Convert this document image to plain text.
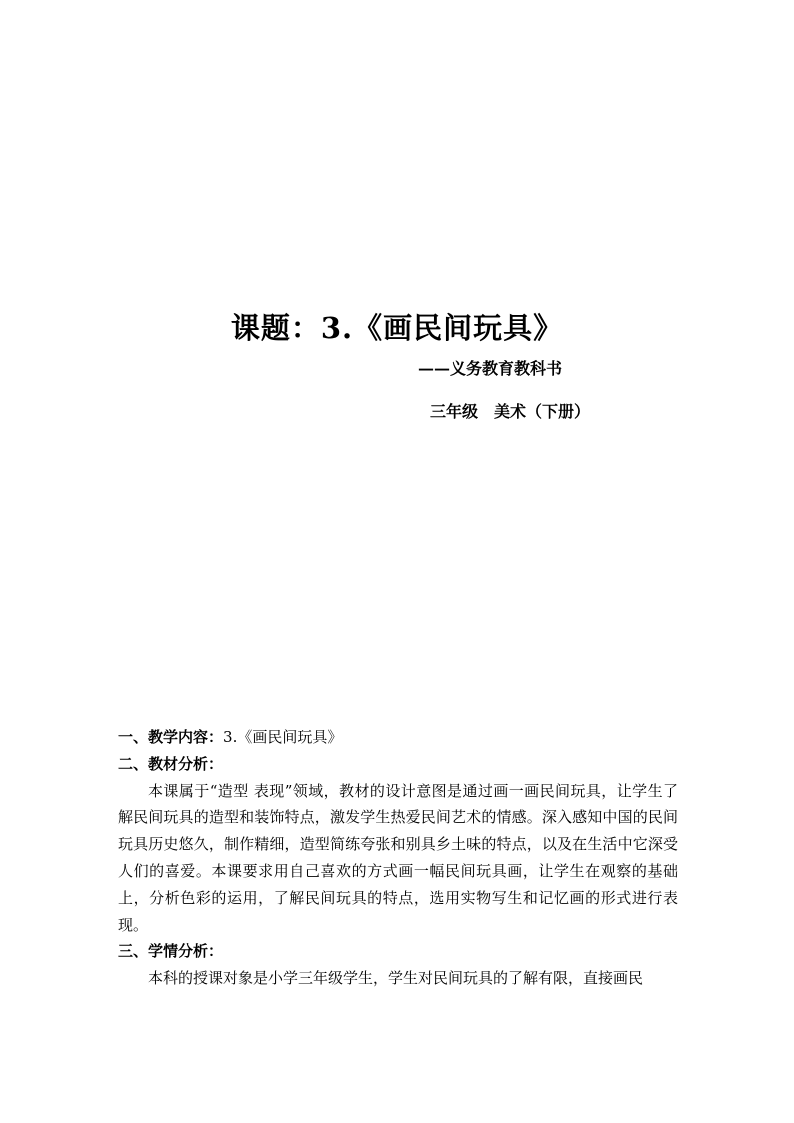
课题：3.《画民间玩具》
——义务教育教科书
三年级　美术（下册）
一、教学内容：3.《画民间玩具》
二、教材分析：
本课属于“造型 表现”领域，教材的设计意图是通过画一画民间玩具，让学生了解民间玩具的造型和装饰特点，激发学生热爱民间艺术的情感。深入感知中国的民间玩具历史悠久，制作精细，造型简练夸张和别具乡土味的特点，以及在生活中它深受人们的喜爱。本课要求用自己喜欢的方式画一幅民间玩具画，让学生在观察的基础上，分析色彩的运用，了解民间玩具的特点，选用实物写生和记忆画的形式进行表现。
三、学情分析：
本科的授课对象是小学三年级学生，学生对民间玩具的了解有限，直接画民
